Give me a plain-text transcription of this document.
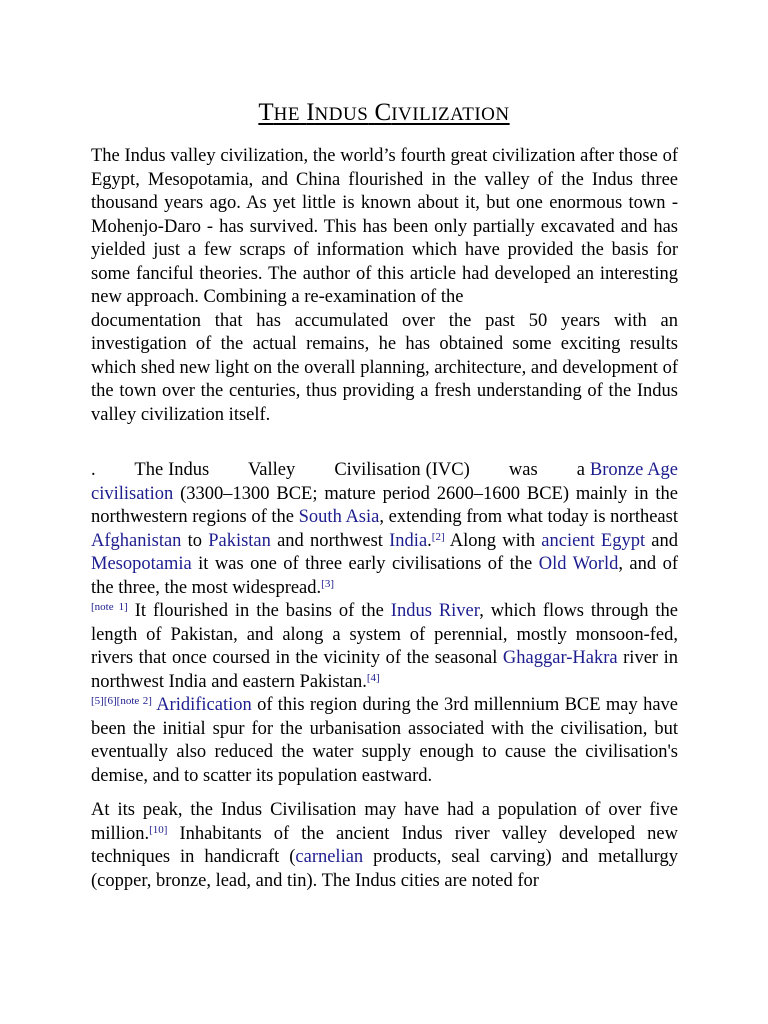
THE INDUS CIVILIZATION
The Indus valley civilization, the world’s fourth great civilization after those of Egypt, Mesopotamia, and China flourished in the valley of the Indus three thousand years ago. As yet little is known about it, but one enormous town - Mohenjo-Daro - has survived. This has been only partially excavated and has yielded just a few scraps of information which have provided the basis for some fanciful theories. The author of this article had developed an interesting new approach. Combining a re-examination of the
documentation that has accumulated over the past 50 years with an investigation of the actual remains, he has obtained some exciting results which shed new light on the overall planning, architecture, and development of the town over the centuries, thus providing a fresh understanding of the Indus valley civilization itself.
.        The Indus        Valley        Civilisation (IVC)        was        a Bronze Age civilisation (3300–1300 BCE; mature period 2600–1600 BCE) mainly in the northwestern regions of the South Asia, extending from what today is northeast Afghanistan to Pakistan and northwest India.[2] Along with ancient Egypt and Mesopotamia it was one of three early civilisations of the Old World, and of the three, the most widespread.[3]
[note 1] It flourished in the basins of the Indus River, which flows through the length of Pakistan, and along a system of perennial, mostly monsoon-fed, rivers that once coursed in the vicinity of the seasonal Ghaggar-Hakra river in northwest India and eastern Pakistan.[4]
[5][6][note 2] Aridification of this region during the 3rd millennium BCE may have been the initial spur for the urbanisation associated with the civilisation, but eventually also reduced the water supply enough to cause the civilisation's demise, and to scatter its population eastward.
At its peak, the Indus Civilisation may have had a population of over five million.[10] Inhabitants of the ancient Indus river valley developed new techniques in handicraft (carnelian products, seal carving) and metallurgy (copper, bronze, lead, and tin). The Indus cities are noted for
